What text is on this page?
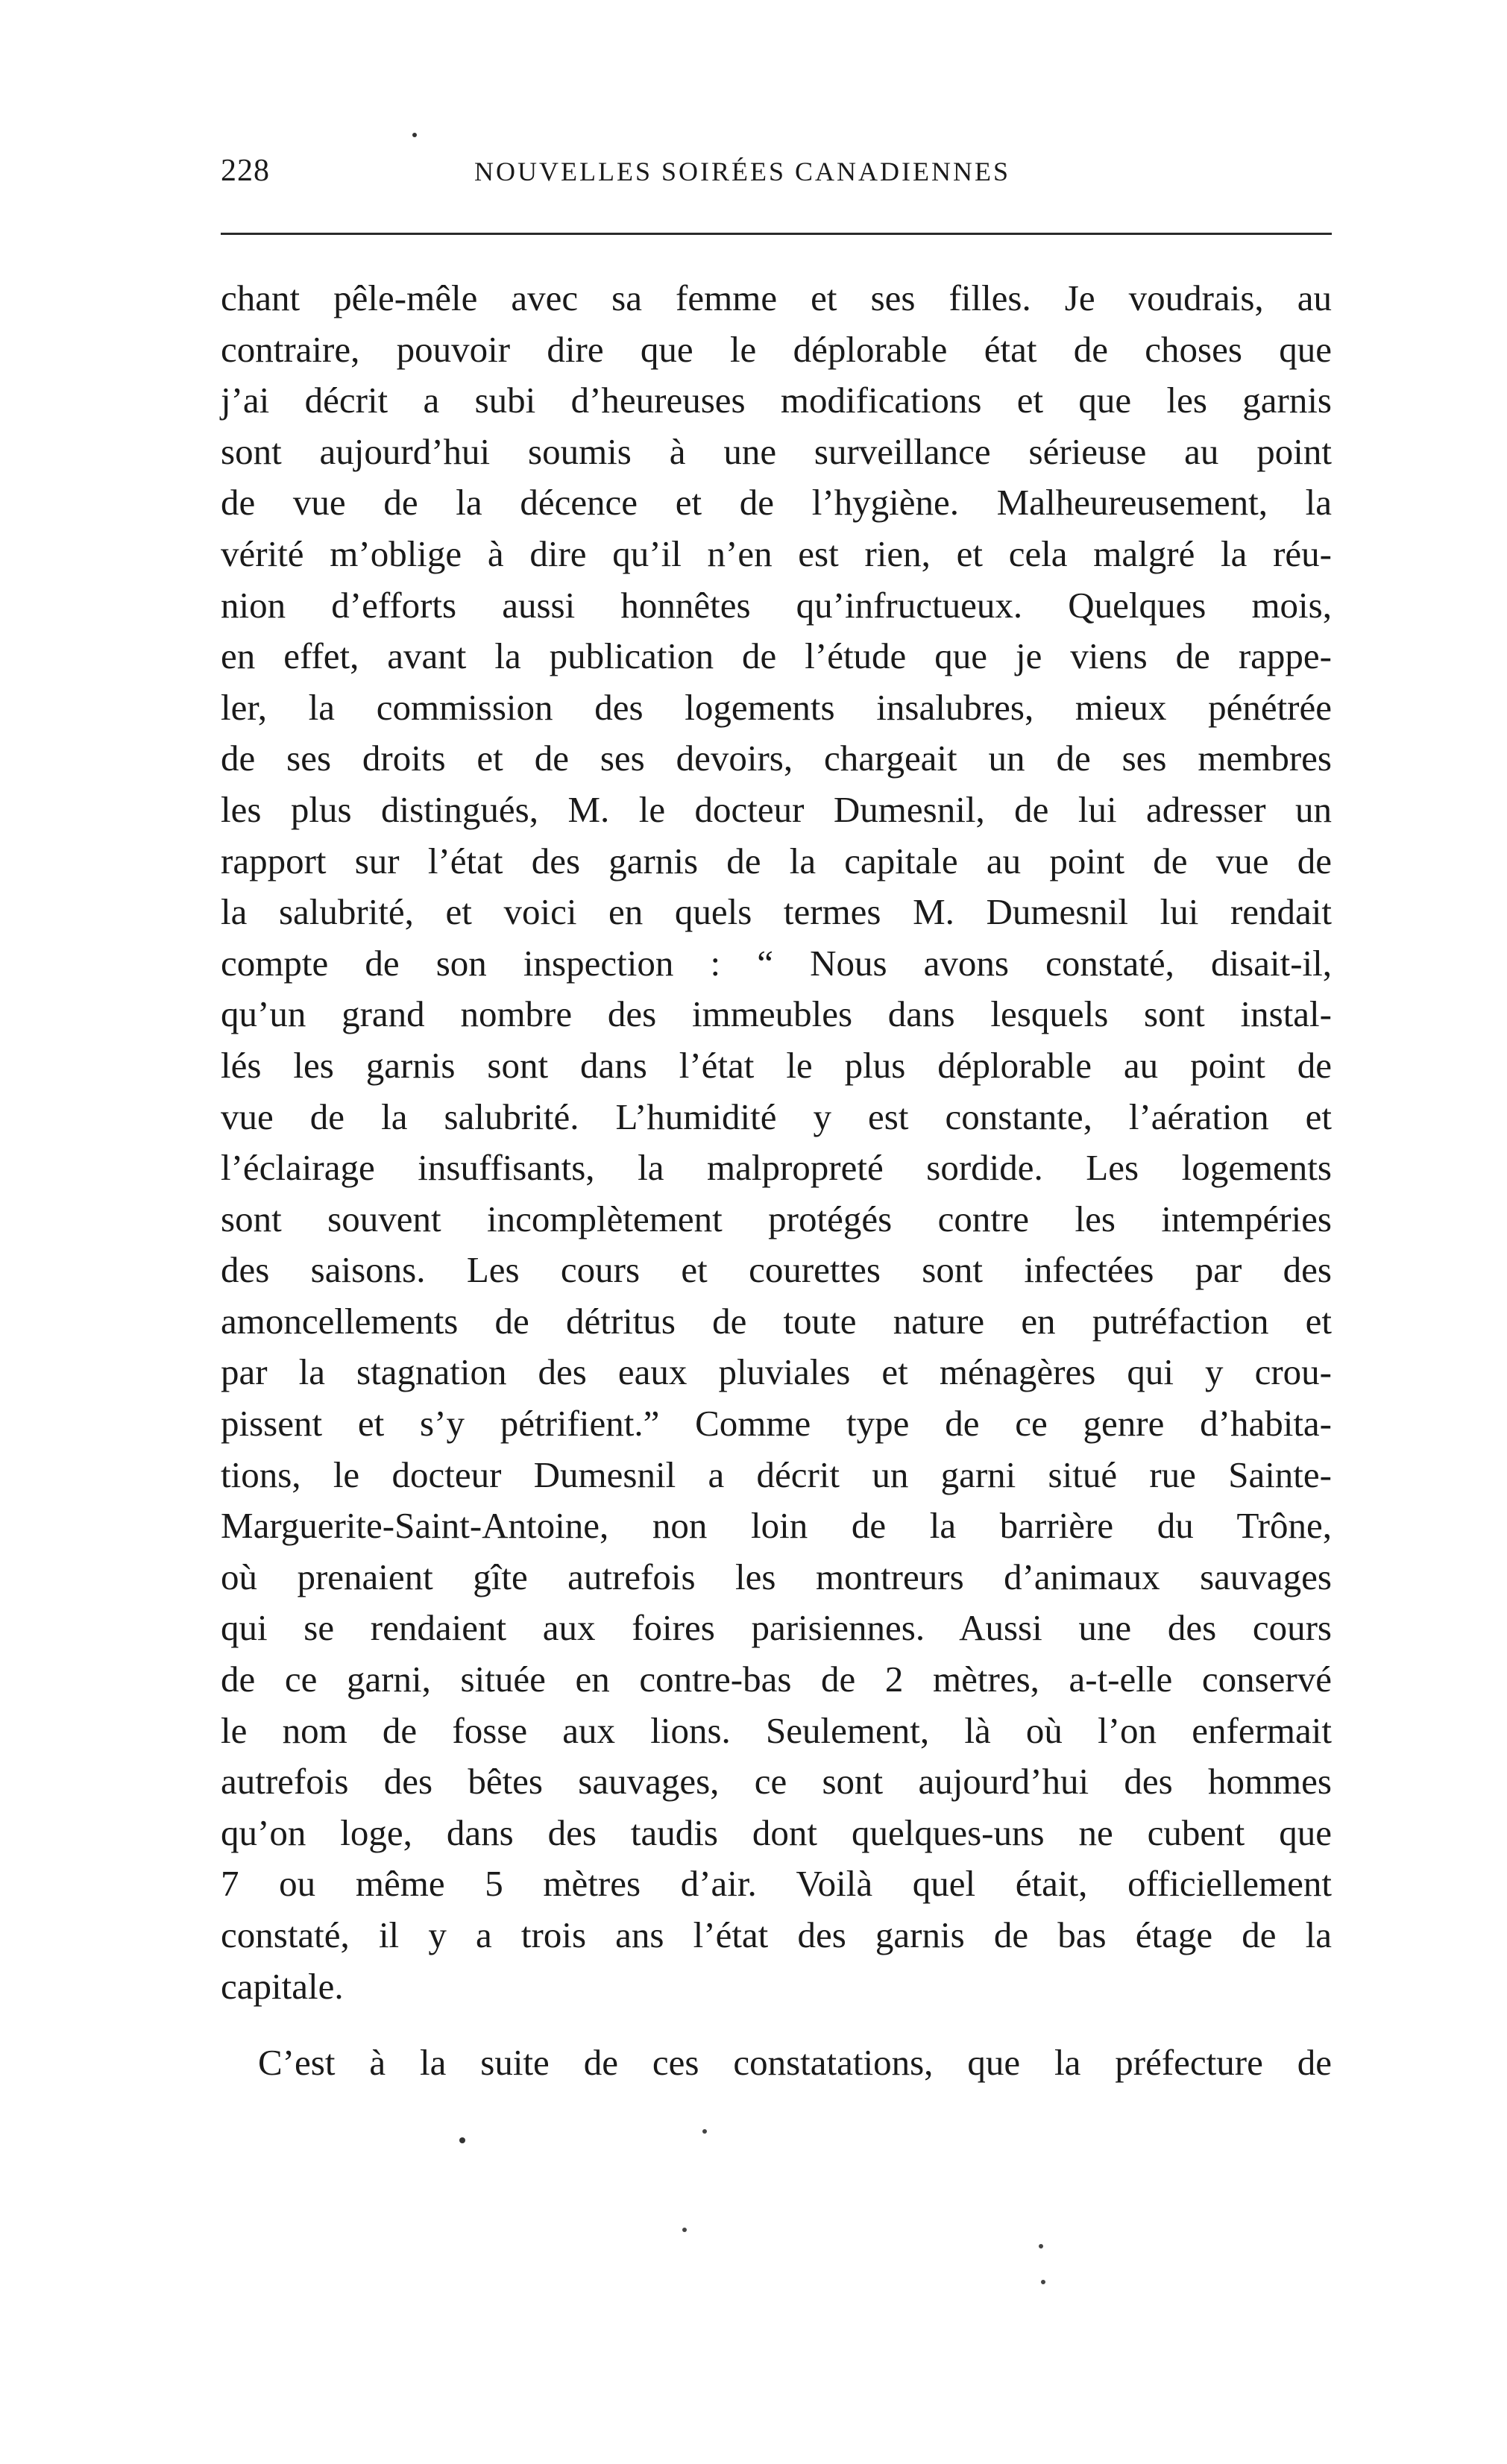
228	NOUVELLES SOIRÉES CANADIENNES
chant pêle-mêle avec sa femme et ses filles. Je voudrais, au
contraire, pouvoir dire que le déplorable état de choses que
j’ai décrit a subi d’heureuses modifications et que les garnis
sont aujourd’hui soumis à une surveillance sérieuse au point
de vue de la décence et de l’hygiène. Malheureusement, la
vérité m’oblige à dire qu’il n’en est rien, et cela malgré la réu-
nion d’efforts aussi honnêtes qu’infructueux. Quelques mois,
en effet, avant la publication de l’étude que je viens de rappe-
ler, la commission des logements insalubres, mieux pénétrée
de ses droits et de ses devoirs, chargeait un de ses membres
les plus distingués, M. le docteur Dumesnil, de lui adresser un
rapport sur l’état des garnis de la capitale au point de vue de
la salubrité, et voici en quels termes M. Dumesnil lui rendait
compte de son inspection : “ Nous avons constaté, disait-il,
qu’un grand nombre des immeubles dans lesquels sont instal-
lés les garnis sont dans l’état le plus déplorable au point de
vue de la salubrité. L’humidité y est constante, l’aération et
l’éclairage insuffisants, la malpropreté sordide. Les logements
sont souvent incomplètement protégés contre les intempéries
des saisons. Les cours et courettes sont infectées par des
amoncellements de détritus de toute nature en putréfaction et
par la stagnation des eaux pluviales et ménagères qui y crou-
pissent et s’y pétrifient.” Comme type de ce genre d’habita-
tions, le docteur Dumesnil a décrit un garni situé rue Sainte-
Marguerite-Saint-Antoine, non loin de la barrière du Trône,
où prenaient gîte autrefois les montreurs d’animaux sauvages
qui se rendaient aux foires parisiennes. Aussi une des cours
de ce garni, située en contre-bas de 2 mètres, a-t-elle conservé
le nom de fosse aux lions. Seulement, là où l’on enfermait
autrefois des bêtes sauvages, ce sont aujourd’hui des hommes
qu’on loge, dans des taudis dont quelques-uns ne cubent que
7 ou même 5 mètres d’air. Voilà quel était, officiellement
constaté, il y a trois ans l’état des garnis de bas étage de la
capitale.
C’est à la suite de ces constatations, que la préfecture de
